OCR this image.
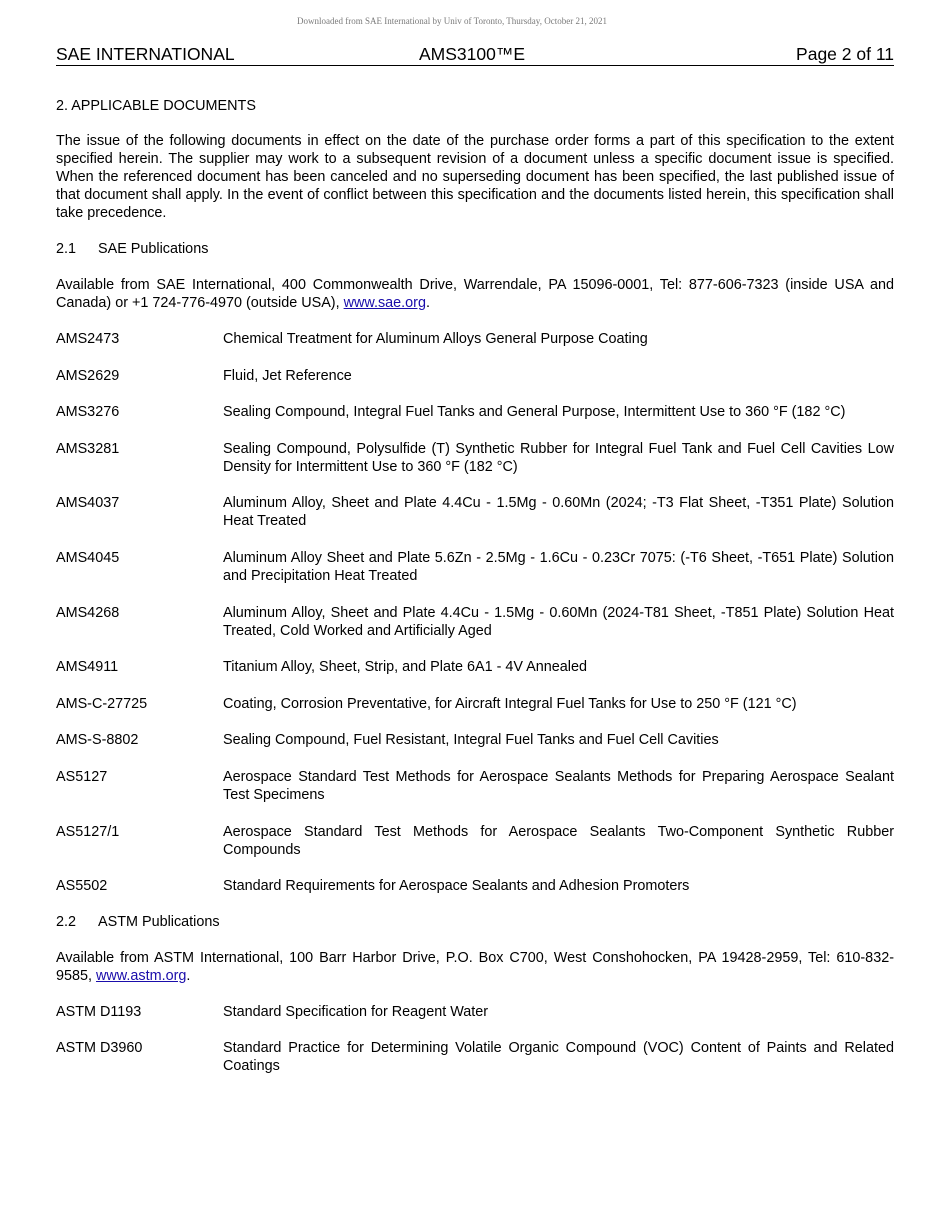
Downloaded from SAE International by Univ of Toronto, Thursday, October 21, 2021
SAE INTERNATIONAL	AMS3100™E	Page 2 of 11
2. APPLICABLE DOCUMENTS
The issue of the following documents in effect on the date of the purchase order forms a part of this specification to the extent specified herein. The supplier may work to a subsequent revision of a document unless a specific document issue is specified. When the referenced document has been canceled and no superseding document has been specified, the last published issue of that document shall apply. In the event of conflict between this specification and the documents listed herein, this specification shall take precedence.
2.1 SAE Publications
Available from SAE International, 400 Commonwealth Drive, Warrendale, PA 15096-0001, Tel: 877-606-7323 (inside USA and Canada) or +1 724-776-4970 (outside USA), www.sae.org.
AMS2473	Chemical Treatment for Aluminum Alloys General Purpose Coating
AMS2629	Fluid, Jet Reference
AMS3276	Sealing Compound, Integral Fuel Tanks and General Purpose, Intermittent Use to 360 °F (182 °C)
AMS3281	Sealing Compound, Polysulfide (T) Synthetic Rubber for Integral Fuel Tank and Fuel Cell Cavities Low Density for Intermittent Use to 360 °F (182 °C)
AMS4037	Aluminum Alloy, Sheet and Plate 4.4Cu - 1.5Mg - 0.60Mn (2024; -T3 Flat Sheet, -T351 Plate) Solution Heat Treated
AMS4045	Aluminum Alloy Sheet and Plate 5.6Zn - 2.5Mg - 1.6Cu - 0.23Cr 7075: (-T6 Sheet, -T651 Plate) Solution and Precipitation Heat Treated
AMS4268	Aluminum Alloy, Sheet and Plate 4.4Cu - 1.5Mg - 0.60Mn (2024-T81 Sheet, -T851 Plate) Solution Heat Treated, Cold Worked and Artificially Aged
AMS4911	Titanium Alloy, Sheet, Strip, and Plate 6A1 - 4V Annealed
AMS-C-27725	Coating, Corrosion Preventative, for Aircraft Integral Fuel Tanks for Use to 250 °F (121 °C)
AMS-S-8802	Sealing Compound, Fuel Resistant, Integral Fuel Tanks and Fuel Cell Cavities
AS5127	Aerospace Standard Test Methods for Aerospace Sealants Methods for Preparing Aerospace Sealant Test Specimens
AS5127/1	Aerospace Standard Test Methods for Aerospace Sealants Two-Component Synthetic Rubber Compounds
AS5502	Standard Requirements for Aerospace Sealants and Adhesion Promoters
2.2 ASTM Publications
Available from ASTM International, 100 Barr Harbor Drive, P.O. Box C700, West Conshohocken, PA 19428-2959, Tel: 610-832-9585, www.astm.org.
ASTM D1193	Standard Specification for Reagent Water
ASTM D3960	Standard Practice for Determining Volatile Organic Compound (VOC) Content of Paints and Related Coatings
